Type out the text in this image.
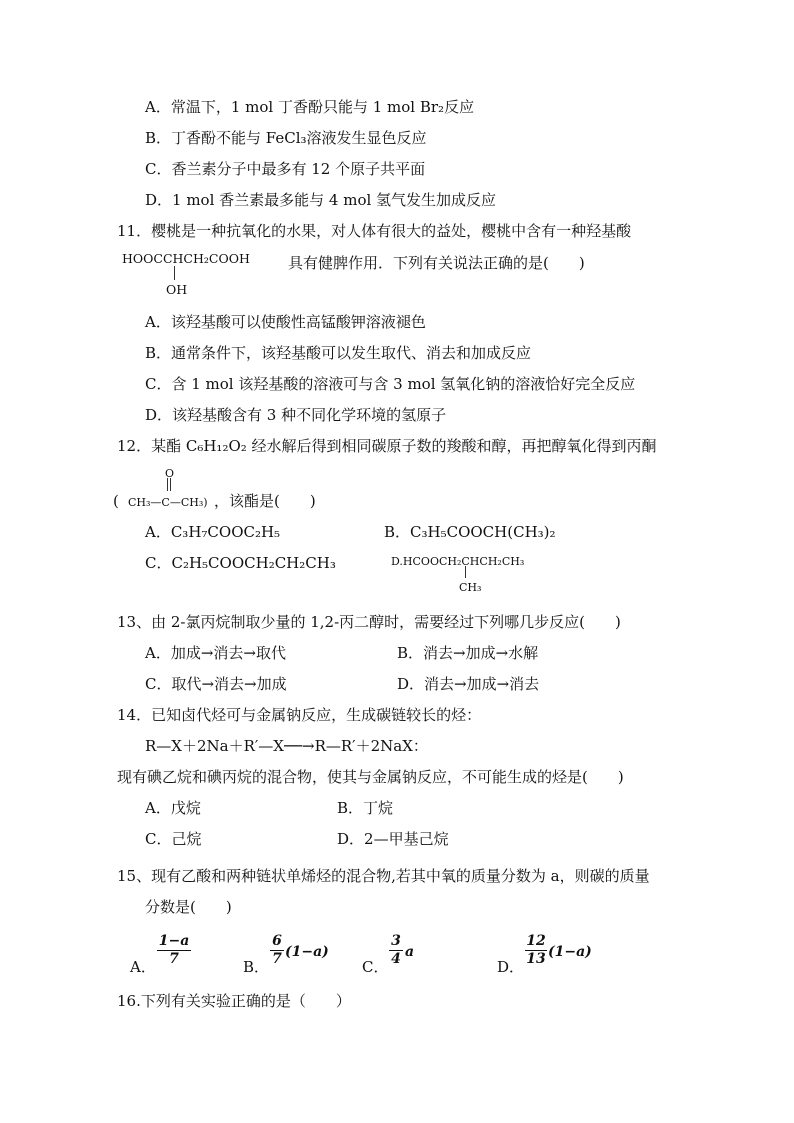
A．常温下，1 mol 丁香酚只能与 1 mol Br₂反应
B．丁香酚不能与 FeCl₃溶液发生显色反应
C．香兰素分子中最多有 12 个原子共平面
D．1 mol 香兰素最多能与 4 mol 氢气发生加成反应
11．樱桃是一种抗氧化的水果，对人体有很大的益处，樱桃中含有一种羟基酸
HOOCCHCH₂COOH
OH
具有健脾作用．下列有关说法正确的是(　　)
A．该羟基酸可以使酸性高锰酸钾溶液褪色
B．通常条件下，该羟基酸可以发生取代、消去和加成反应
C．含 1 mol 该羟基酸的溶液可与含 3 mol 氢氧化钠的溶液恰好完全反应
D．该羟基酸含有 3 种不同化学环境的氢原子
12．某酯 C₆H₁₂O₂ 经水解后得到相同碳原子数的羧酸和醇，再把醇氧化得到丙酮
O
( CH₃—C—CH₃) ，该酯是(　　)
A．C₃H₇COOC₂H₅	B．C₃H₅COOCH(CH₃)₂
C．C₂H₅COOCH₂CH₂CH₃	D.HCOOCH₂CHCH₂CH₃
CH₃
13、由 2-氯丙烷制取少量的 1,2-丙二醇时，需要经过下列哪几步反应(　　)
A．加成→消去→取代	B．消去→加成→水解
C．取代→消去→加成	D．消去→加成→消去
14．已知卤代烃可与金属钠反应，生成碳链较长的烃：
R—X＋2Na＋R′—X──→R—R′＋2NaX：
现有碘乙烷和碘丙烷的混合物，使其与金属钠反应，不可能生成的烃是(　　)
A．戊烷	B．丁烷
C．己烷	D．2—甲基己烷
15、现有乙酸和两种链状单烯烃的混合物,若其中氧的质量分数为 a，则碳的质量
分数是(　　)
A．
1−a
7	B．
6
7 (1−a)
C．
3
4 a
D．
12
13 (1−a)
16.下列有关实验正确的是（　　）
